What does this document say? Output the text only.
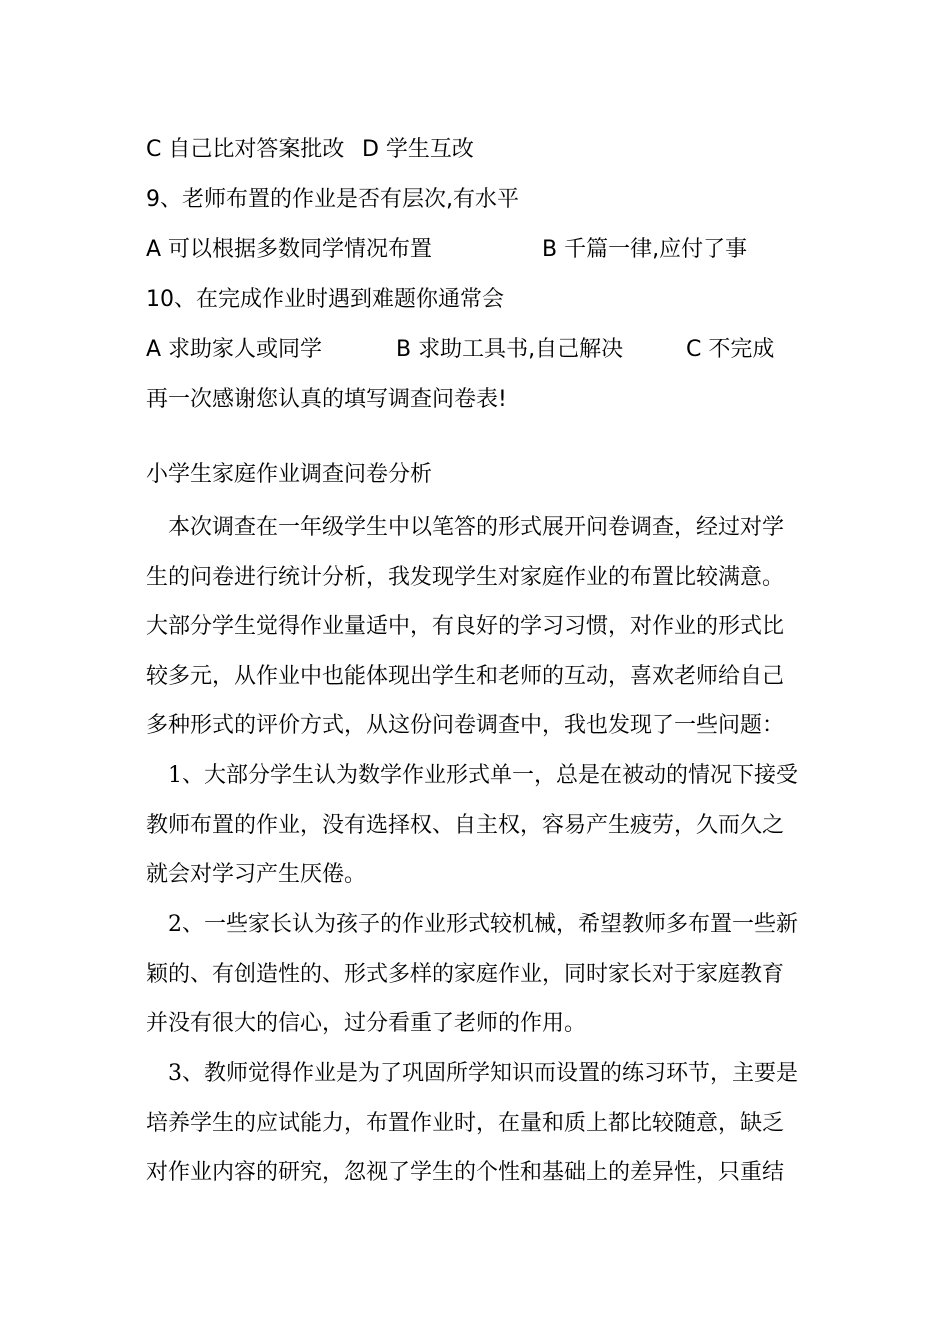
C 自己比对答案批改 D 学生互改
9、老师布置的作业是否有层次,有水平
A 可以根据多数同学情况布置	B 千篇一律,应付了事
10、在完成作业时遇到难题你通常会
A 求助家人或同学	B 求助工具书,自己解决	C 不完成
再一次感谢您认真的填写调查问卷表!
小学生家庭作业调查问卷分析
本次调查在一年级学生中以笔答的形式展开问卷调查，经过对学
生的问卷进行统计分析，我发现学生对家庭作业的布置比较满意。
大部分学生觉得作业量适中，有良好的学习习惯，对作业的形式比
较多元，从作业中也能体现出学生和老师的互动，喜欢老师给自己
多种形式的评价方式，从这份问卷调查中，我也发现了一些问题：
1、大部分学生认为数学作业形式单一，总是在被动的情况下接受
教师布置的作业，没有选择权、自主权，容易产生疲劳，久而久之
就会对学习产生厌倦。
2、一些家长认为孩子的作业形式较机械，希望教师多布置一些新
颖的、有创造性的、形式多样的家庭作业，同时家长对于家庭教育
并没有很大的信心，过分看重了老师的作用。
3、教师觉得作业是为了巩固所学知识而设置的练习环节，主要是
培养学生的应试能力，布置作业时，在量和质上都比较随意，缺乏
对作业内容的研究，忽视了学生的个性和基础上的差异性，只重结
